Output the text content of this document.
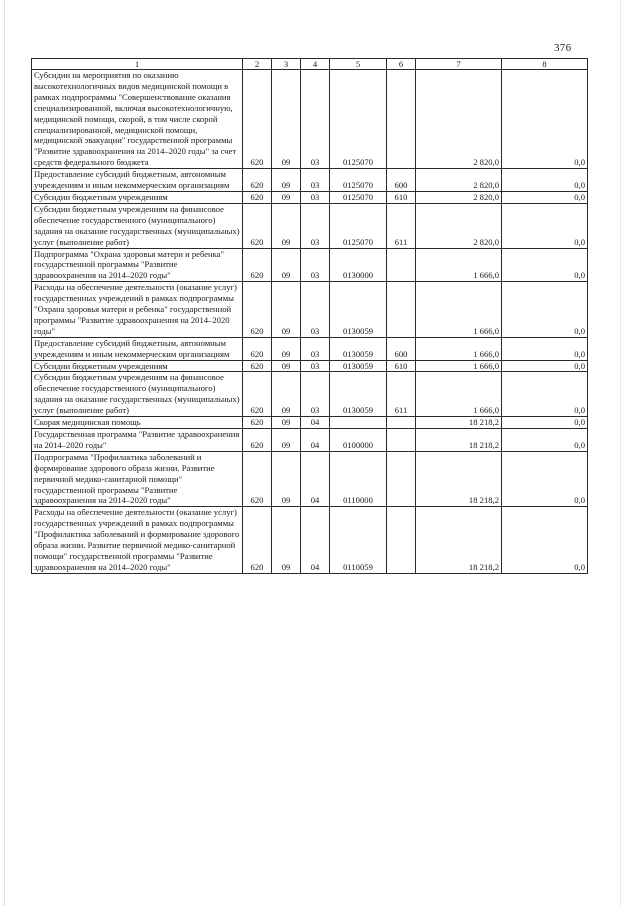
376
1	2	3	4	5	6	7	8
Субсидии на мероприятия по оказанию высокотехнологичных видов медицинской помощи в рамках подпрограммы "Совершенствование оказания специализированной, включая высокотехнологичную, медицинской помощи, скорой, в том числе скорой специализированной, медицинской помощи, медицинской эвакуации" государственной программы "Развитие здравоохранения на 2014–2020 годы" за счет средств федерального бюджета	620	09	03	0125070		2 820,0	0,0
Предоставление субсидий бюджетным, автономным учреждениям и иным некоммерческим организациям	620	09	03	0125070	600	2 820,0	0,0
Субсидии бюджетным учреждениям	620	09	03	0125070	610	2 820,0	0,0
Субсидии бюджетным учреждениям на финансовое обеспечение государственного (муниципального) задания на оказание государственных (муниципальных) услуг (выполнение работ)	620	09	03	0125070	611	2 820,0	0,0
Подпрограмма "Охрана здоровья матери и ребенка" государственной программы "Развитие здравоохранения на 2014–2020 годы"	620	09	03	0130000		1 666,0	0,0
Расходы на обеспечение деятельности (оказание услуг) государственных учреждений в рамках подпрограммы "Охрана здоровья матери и ребенка" государственной программы "Развитие здравоохранения на 2014–2020 годы"	620	09	03	0130059		1 666,0	0,0
Предоставление субсидий бюджетным, автономным учреждениям и иным некоммерческим организациям	620	09	03	0130059	600	1 666,0	0,0
Субсидии бюджетным учреждениям	620	09	03	0130059	610	1 666,0	0,0
Субсидии бюджетным учреждениям на финансовое обеспечение государственного (муниципального) задания на оказание государственных (муниципальных) услуг (выполнение работ)	620	09	03	0130059	611	1 666,0	0,0
Скорая медицинская помощь	620	09	04			18 218,2	0,0
Государственная программа "Развитие здравоохранения на 2014–2020 годы"	620	09	04	0100000		18 218,2	0,0
Подпрограмма "Профилактика заболеваний и формирование здорового образа жизни. Развитие первичной медико-санитарной помощи" государственной программы "Развитие здравоохранения на 2014–2020 годы"	620	09	04	0110000		18 218,2	0,0
Расходы на обеспечение деятельности (оказание услуг) государственных учреждений в рамках подпрограммы "Профилактика заболеваний и формирование здорового образа жизни. Развитие первичной медико-санитарной помощи" государственной программы "Развитие здравоохранения на 2014–2020 годы"	620	09	04	0110059		18 218,2	0,0
